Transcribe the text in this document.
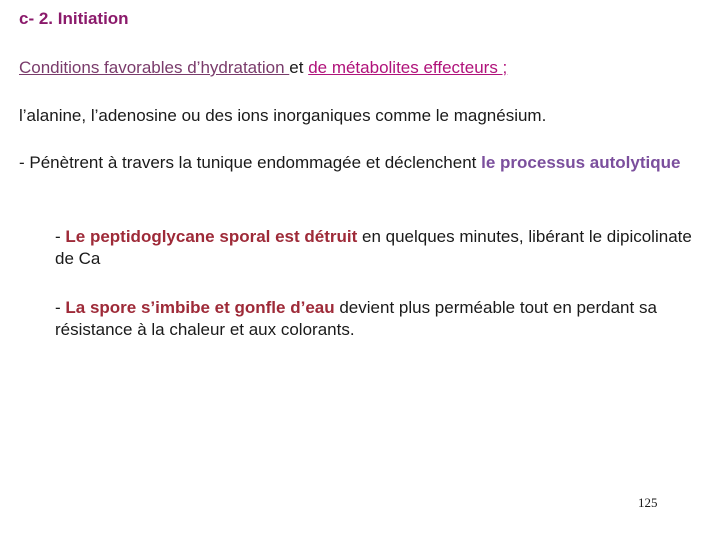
c- 2. Initiation
Conditions favorables d’hydratation et de métabolites effecteurs ;
l’alanine, l’adenosine ou des ions inorganiques comme le magnésium.
- Pénètrent à travers la tunique endommagée et déclenchent le processus autolytique
- Le peptidoglycane sporal est détruit en quelques minutes, libérant le dipicolinate de Ca
- La spore s’imbibe et gonfle d’eau devient plus perméable tout en perdant sa résistance à la chaleur et aux colorants.
125
